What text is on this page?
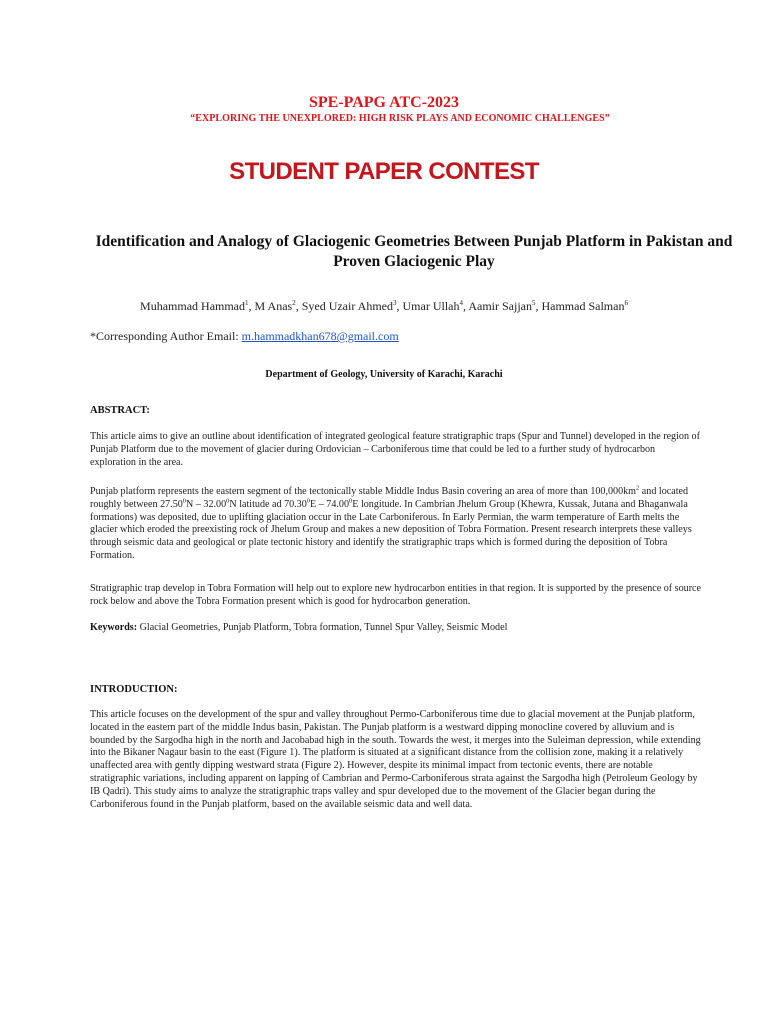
SPE-PAPG ATC-2023
“EXPLORING THE UNEXPLORED: HIGH RISK PLAYS AND ECONOMIC CHALLENGES”
STUDENT PAPER CONTEST
Identification and Analogy of Glaciogenic Geometries Between Punjab Platform in Pakistan and Proven Glaciogenic Play
Muhammad Hammad$^1$, M Anas$^2$, Syed Uzair Ahmed$^3$, Umar Ullah$^4$, Aamir Sajjan$^5$, Hammad Salman$^6$
*Corresponding Author Email: m.hammadkhan678@gmail.com
Department of Geology, University of Karachi, Karachi
ABSTRACT:
This article aims to give an outline about identification of integrated geological feature stratigraphic traps (Spur and Tunnel) developed in the region of Punjab Platform due to the movement of glacier during Ordovician – Carboniferous time that could be led to a further study of hydrocarbon exploration in the area.
Punjab platform represents the eastern segment of the tectonically stable Middle Indus Basin covering an area of more than $100,000km^2$ and located roughly between 27.50$^0$N – 32.00$^0$N latitude ad 70.30$^0$E – 74.00$^0$E longitude. In Cambrian Jhelum Group (Khewra, Kussak, Jutana and Bhaganwala formations) was deposited, due to uplifting glaciation occur in the Late Carboniferous. In Early Permian, the warm temperature of Earth melts the glacier which eroded the preexisting rock of Jhelum Group and makes a new deposition of Tobra Formation. Present research interprets these valleys through seismic data and geological or plate tectonic history and identify the stratigraphic traps which is formed during the deposition of Tobra Formation.
Stratigraphic trap develop in Tobra Formation will help out to explore new hydrocarbon entities in that region. It is supported by the presence of source rock below and above the Tobra Formation present which is good for hydrocarbon generation.
Keywords: Glacial Geometries, Punjab Platform, Tobra formation, Tunnel Spur Valley, Seismic Model
INTRODUCTION:
This article focuses on the development of the spur and valley throughout Permo-Carboniferous time due to glacial movement at the Punjab platform, located in the eastern part of the middle Indus basin, Pakistan. The Punjab platform is a westward dipping monocline covered by alluvium and is bounded by the Sargodha high in the north and Jacobabad high in the south. Towards the west, it merges into the Suleiman depression, while extending into the Bikaner Nagaur basin to the east (Figure 1). The platform is situated at a significant distance from the collision zone, making it a relatively unaffected area with gently dipping westward strata (Figure 2). However, despite its minimal impact from tectonic events, there are notable stratigraphic variations, including apparent on lapping of Cambrian and Permo-Carboniferous strata against the Sargodha high (Petroleum Geology by IB Qadri). This study aims to analyze the stratigraphic traps valley and spur developed due to the movement of the Glacier began during the Carboniferous found in the Punjab platform, based on the available seismic data and well data.
